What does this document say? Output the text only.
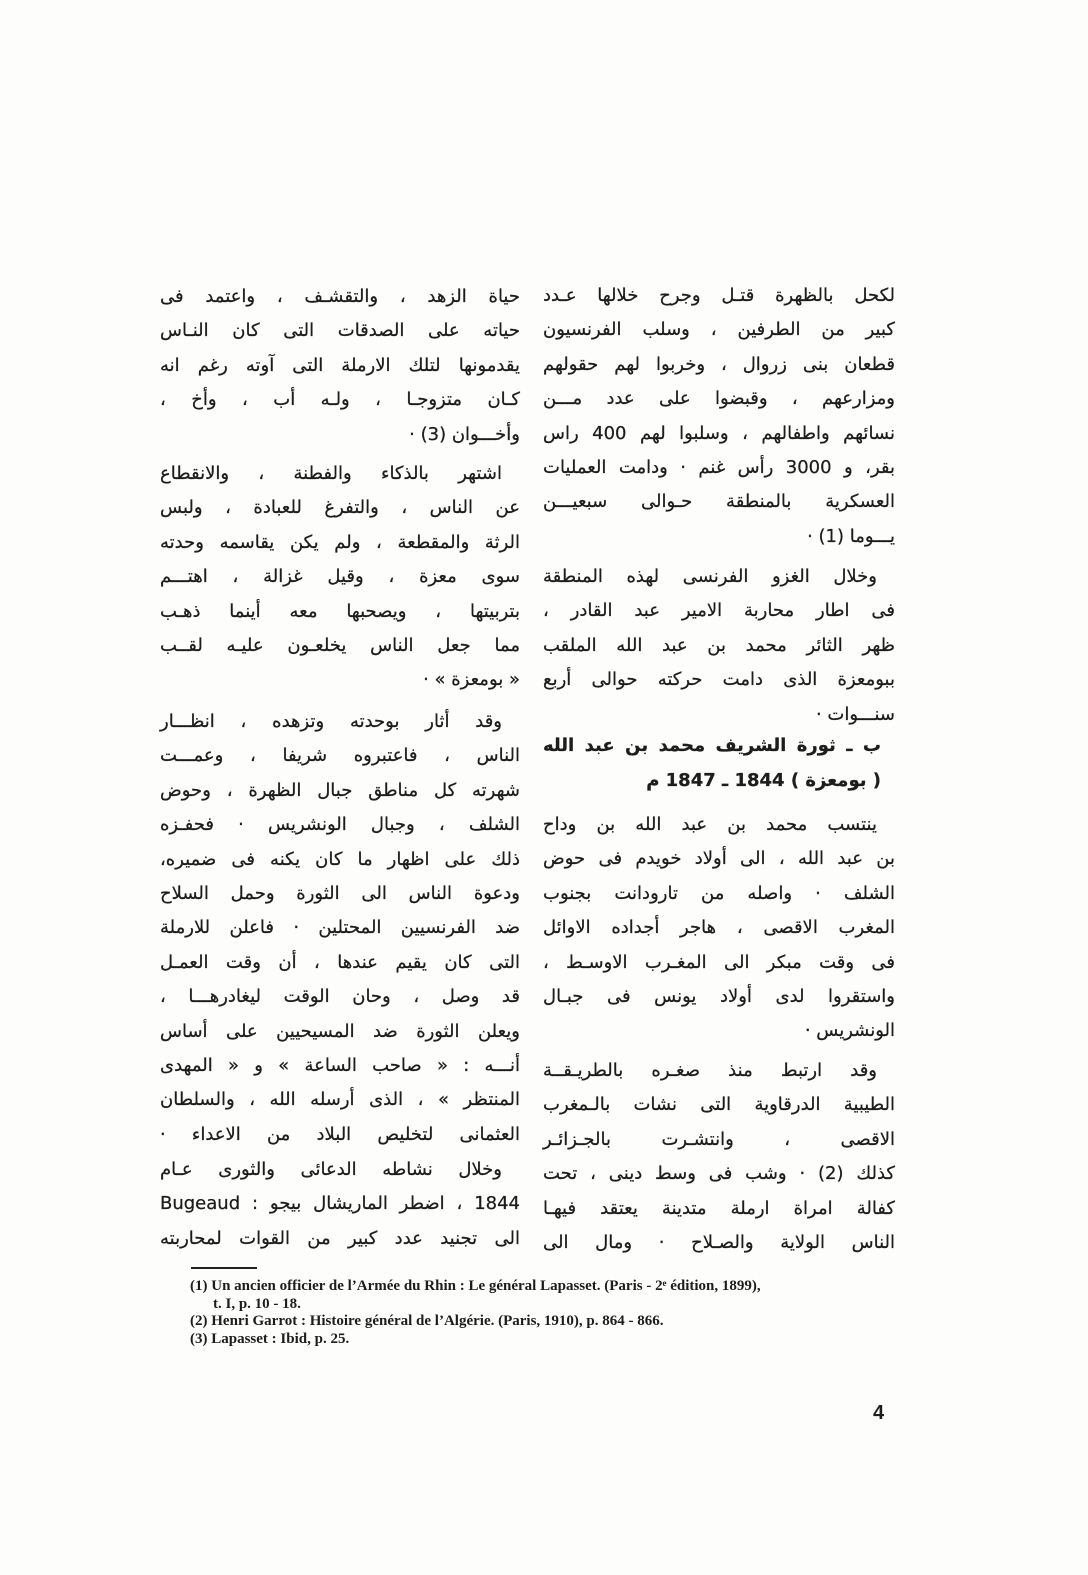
لكحل بالظهرة قتـل وجرح خلالها عـدد
كبير من الطرفين ، وسلب الفرنسيون
قطعان بنى زروال ، وخربوا لهم حقولهم
ومزارعهم ، وقبضوا على عدد مـــن
نسائهم واطفالهم ، وسلبوا لهم 400 راس
بقر، و 3000 رأس غنم · ودامت العمليات
العسكرية بالمنطقة حـوالى سبعيـــن
يـــوما (1) ·
وخلال الغزو الفرنسى لهذه المنطقة
فى اطار محاربة الامير عبد القادر ،
ظهر الثائر محمد بن عبد الله الملقب
ببومعزة الذى دامت حركته حوالى أربع
سنـــوات ·
ب ـ ثورة الشريف محمد بن عبد الله
( بومعزة ) 1844 ـ 1847 م
ينتسب محمد بن عبد الله بن وداح
بن عبد الله ، الى أولاد خويدم فى حوض
الشلف · واصله من تارودانت بجنوب
المغرب الاقصى ، هاجر أجداده الاوائل
فى وقت مبكر الى المغـرب الاوسـط ،
واستقروا لدى أولاد يونس فى جبـال
الونشريس ·
وقد ارتبط منذ صغـره بالطريـقــة
الطيبية الدرقاوية التى نشات بالـمغرب
الاقصى ، وانتشـرت بالجـزائـر
كذلك (2) · وشب فى وسط دينى ، تحت
كفالة امراة ارملة متدينة يعتقد فيهـا
الناس الولاية والصـلاح · ومال الى
حياة الزهد ، والتقشـف ، واعتمد فى
حياته على الصدقات التى كان النـاس
يقدمونها لتلك الارملة التى آوته رغم انه
كـان متزوجـا ، ولـه أب ، وأخ ،
وأخـــوان (3) ·
اشتهر بالذكاء والفطنة ، والانقطاع
عن الناس ، والتفرغ للعبادة ، ولبس
الرثة والمقطعة ، ولم يكن يقاسمه وحدته
سوى معزة ، وقيل غزالة ، اهتـــم
بتربيتها ، ويصحبها معه أينما ذهـب
مما جعل الناس يخلعـون عليـه لقــب
« بومعزة » ·
وقد أثار بوحدته وتزهده ، انظـــار
الناس ، فاعتبروه شريفا ، وعمـــت
شهرته كل مناطق جبال الظهرة ، وحوض
الشلف ، وجبال الونشريس · فحفـزه
ذلك على اظهار ما كان يكنه فى ضميره،
ودعوة الناس الى الثورة وحمل السلاح
ضد الفرنسيين المحتلين · فاعلن للارملة
التى كان يقيم عندها ، أن وقت العمـل
قد وصل ، وحان الوقت ليغادرهـــا ،
ويعلن الثورة ضد المسيحيين على أساس
أنـــه : « صاحب الساعة » و « المهدى
المنتظر » ، الذى أرسله الله ، والسلطان
العثمانى لتخليص البلاد من الاعداء ·
وخلال نشاطه الدعائى والثورى عـام
1844 ، اضطر الماريشال بيجو : Bugeaud
الى تجنيد عدد كبير من القوات لمحاربته
(1) Un ancien officier de l’Armée du Rhin : Le général Lapasset. (Paris - 2ᵉ édition, 1899),
t. I, p. 10 - 18.
(2) Henri Garrot : Histoire général de l’Algérie. (Paris, 1910), p. 864 - 866.
(3) Lapasset : Ibid, p. 25.
4
